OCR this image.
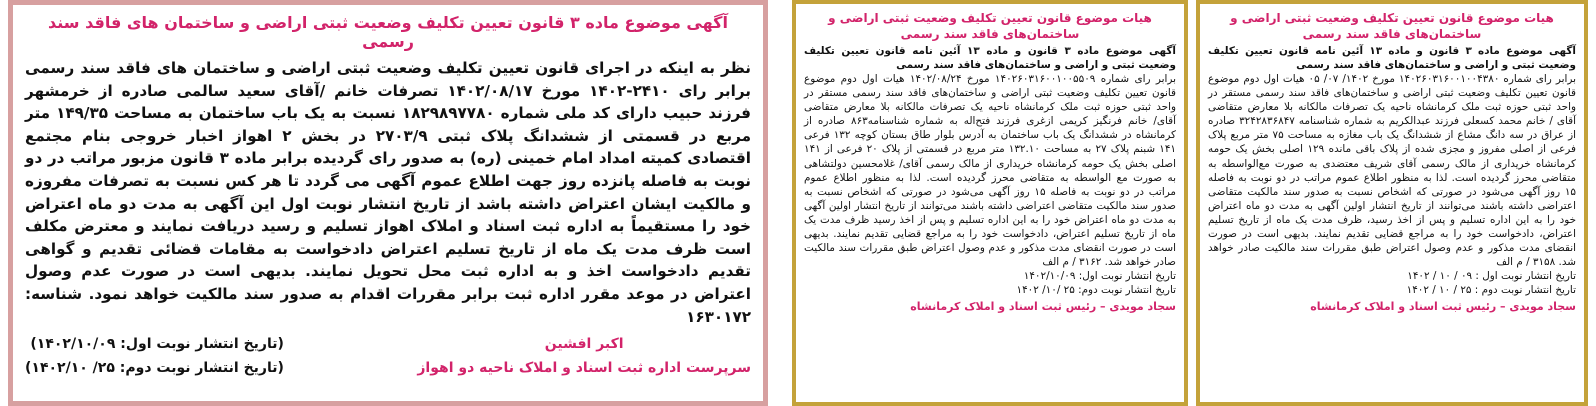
آگهی موضوع ماده ۳ قانون تعیین تکلیف وضعیت ثبتی اراضی و ساختمان های فاقد سند رسمی
نظر به اینکه در اجرای قانون تعیین تکلیف وضعیت ثبتی اراضی و ساختمان های فاقد سند رسمی برابر رای ۲۴۱۰-۱۴۰۲ مورخ ۱۴۰۲/۰۸/۱۷ تصرفات خانم /آقای سعید سالمی صادره از خرمشهر فرزند حبیب دارای کد ملی شماره ۱۸۲۹۸۹۷۷۸۰ نسبت به یک باب ساختمان به مساحت ۱۴۹/۳۵ متر مربع در قسمتی از ششدانگ پلاک ثبتی ۲۷۰۳/۹ در بخش ۲ اهواز اخبار خروجی بنام مجتمع اقتصادی کمیته امداد امام خمینی (ره) به صدور رای گردیده برابر ماده ۳ قانون مزبور مراتب در دو نوبت به فاصله پانزده روز جهت اطلاع عموم آگهی می گردد تا هر کس نسبت به تصرفات مفروزه و مالکیت ایشان اعتراض داشته باشد از تاریخ انتشار نوبت اول این آگهی به مدت دو ماه اعتراض خود را مستقیماً به اداره ثبت اسناد و املاک اهواز تسلیم و رسید دریافت نمایند و معترض مکلف است ظرف مدت یک ماه از تاریخ تسلیم اعتراض دادخواست به مقامات قضائی تقدیم و گواهی تقدیم دادخواست اخذ و به اداره ثبت محل تحویل نمایند. بدیهی است در صورت عدم وصول اعتراض در موعد مقرر اداره ثبت برابر مقررات اقدام به صدور سند مالکیت خواهد نمود. شناسه: ۱۶۳۰۱۷۲
اکبر افشین
سرپرست اداره ثبت اسناد و املاک ناحیه دو اهواز
(تاریخ انتشار نوبت اول: ۱۴۰۲/۱۰/۰۹)
(تاریخ انتشار نوبت دوم: ۲۵/ ۱۴۰۲/۱۰)
هیات موضوع قانون تعیین تکلیف وضعیت ثبتی اراضی و ساختمان‌های فاقد سند رسمی
آگهی موضوع ماده ۳ قانون و ماده ۱۳ آئین نامه قانون تعیین تکلیف وضعیت ثبتی و اراضی و ساختمان‌های فاقد سند رسمی
برابر رای شماره ۱۴۰۲۶۰۳۱۶۰۰۱۰۰۵۵۰۹ مورخ ۱۴۰۲/۰۸/۲۴ هیات اول دوم موضوع قانون تعیین تکلیف وضعیت ثبتی اراضی و ساختمان‌های فاقد سند رسمی مستقر در واحد ثبتی حوزه ثبت ملک کرمانشاه ناحیه یک تصرفات مالکانه بلا معارض متقاضی آقای/ خانم فرنگیز کریمی ازغری فرزند فتح‌اله به شماره شناسنامه۸۶۳ صادره از کرمانشاه در ششدانگ یک باب ساختمان به آدرس بلوار طاق بستان کوچه ۱۳۲ فرعی ۱۴۱ شبنم پلاک ۲۷ به مساحت ۱۳۲.۱۰ متر مربع در قسمتی از پلاک ۲۰ فرعی از ۱۴۱ اصلی بخش یک حومه کرمانشاه خریداری از مالک رسمی آقای/ غلامحسین دولتشاهی به صورت مع الواسطه به متقاضی محرز گردیده است. لذا به منظور اطلاع عموم مراتب در دو نوبت به فاصله ۱۵ روز آگهی می‌شود در صورتی که اشخاص نسبت به صدور سند مالکیت متقاضی اعتراضی داشته باشند می‌توانند از تاریخ انتشار اولین آگهی به مدت دو ماه اعتراض خود را به این اداره تسلیم و پس از اخذ رسید ظرف مدت یک ماه از تاریخ تسلیم اعتراض، دادخواست خود را به مراجع قضایی تقدیم نمایند. بدیهی است در صورت انقضای مدت مذکور و عدم وصول اعتراض طبق مقررات سند مالکیت صادر خواهد شد. ۳۱۶۲ / م الف
تاریخ انتشار نوبت اول: ۱۴۰۲/۱۰/۰۹
تاریخ انتشار نوبت دوم: ۲۵ /۱۰/ ۱۴۰۲
سجاد مویدی – رئیس ثبت اسناد و املاک کرمانشاه
هیات موضوع قانون تعیین تکلیف وضعیت ثبتی اراضی و ساختمان‌های فاقد سند رسمی
آگهی موضوع ماده ۳ قانون و ماده ۱۳ آئین نامه قانون تعیین تکلیف وضعیت ثبتی و اراضی و ساختمان‌های فاقد سند رسمی
برابر رای شماره ۱۴۰۲۶۰۳۱۶۰۰۱۰۰۴۳۸۰ مورخ ۱۴۰۲/ ۰۷/ ۰۵ هیات اول دوم موضوع قانون تعیین تکلیف وضعیت ثبتی اراضی و ساختمان‌های فاقد سند رسمی مستقر در واحد ثبتی حوزه ثبت ملک کرمانشاه ناحیه یک تصرفات مالکانه بلا معارض متقاضی آقای / خانم محمد کسعلی فرزند عبدالکریم به شماره شناسنامه ۳۲۴۲۸۳۶۸۴۷ صادره از عراق در سه دانگ مشاع از ششدانگ یک باب مغازه به مساحت ۷۵ متر مربع پلاک فرعی از اصلی مفروز و مجزی شده از پلاک باقی مانده ۱۲۹ اصلی بخش یک حومه کرمانشاه خریداری از مالک رسمی آقای شریف معتضدی به صورت مع‌الواسطه به متقاضی محرز گردیده است. لذا به منظور اطلاع عموم مراتب در دو نوبت به فاصله ۱۵ روز آگهی می‌شود در صورتی که اشخاص نسبت به صدور سند مالکیت متقاضی اعتراضی داشته باشند می‌توانند از تاریخ انتشار اولین آگهی به مدت دو ماه اعتراض خود را به این اداره تسلیم و پس از اخذ رسید، ظرف مدت یک ماه از تاریخ تسلیم اعتراض، دادخواست خود را به مراجع قضایی تقدیم نمایند. بدیهی است در صورت انقضای مدت مذکور و عدم وصول اعتراض طبق مقررات سند مالکیت صادر خواهد شد. ۳۱۵۸ / م الف
تاریخ انتشار نوبت اول : ۰۹ / ۱۰ / ۱۴۰۲
تاریخ انتشار نوبت دوم : ۲۵ / ۱۰ / ۱۴۰۲
سجاد مویدی – رئیس ثبت اسناد و املاک کرمانشاه
